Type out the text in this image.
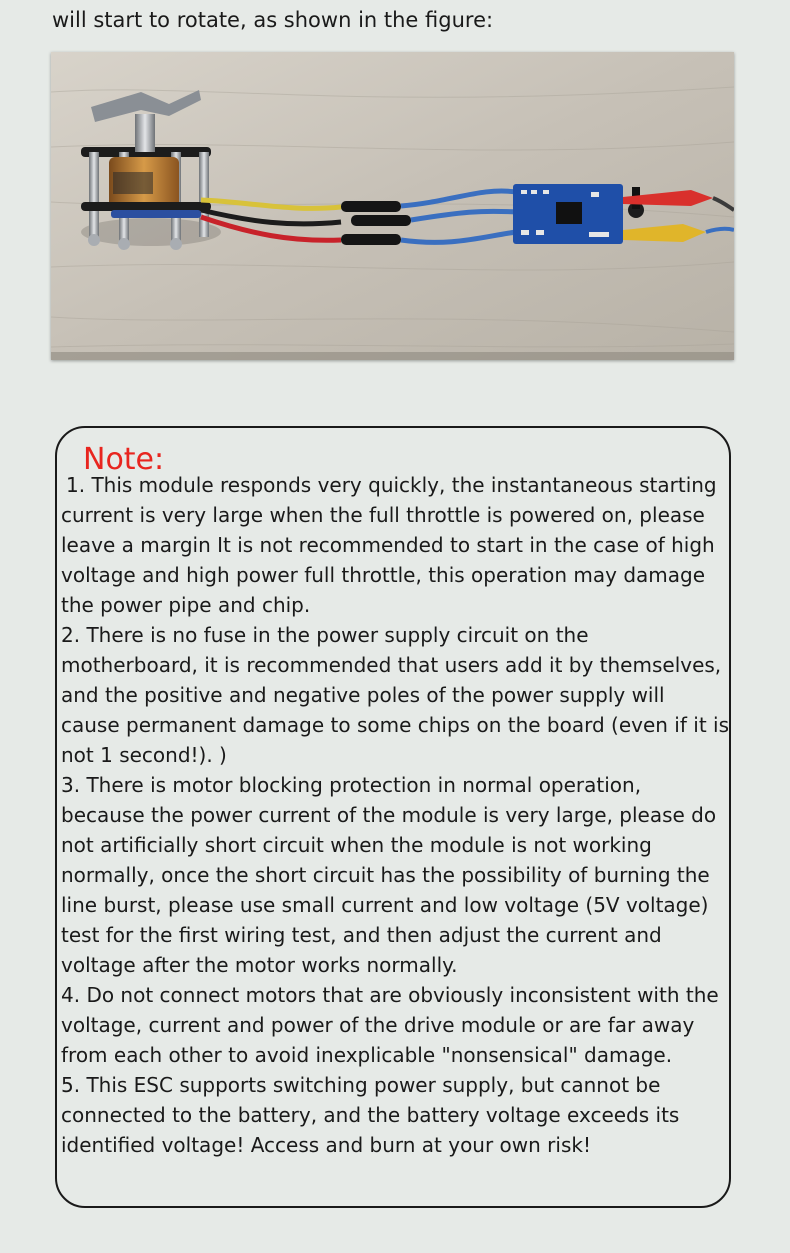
will start to rotate, as shown in the figure:
Note:

1. This module responds very quickly, the instantaneous starting current is very large when the full throttle is powered on, please leave a margin It is not recommended to start in the case of high voltage and high power full throttle, this operation may damage the power pipe and chip.

2. There is no fuse in the power supply circuit on the motherboard, it is recommended that users add it by themselves, and the positive and negative poles of the power supply will cause permanent damage to some chips on the board (even if it is not 1 second!). )

3. There is motor blocking protection in normal operation, because the power current of the module is very large, please do not artificially short circuit when the module is not working normally, once the short circuit has the possibility of burning the line burst, please use small current and low voltage (5V voltage) test for the first wiring test, and then adjust the current and voltage after the motor works normally.

4. Do not connect motors that are obviously inconsistent with the voltage, current and power of the drive module or are far away from each other to avoid inexplicable "nonsensical" damage.

5. This ESC supports switching power supply, but cannot be connected to the battery, and the battery voltage exceeds its identified voltage! Access and burn at your own risk!
